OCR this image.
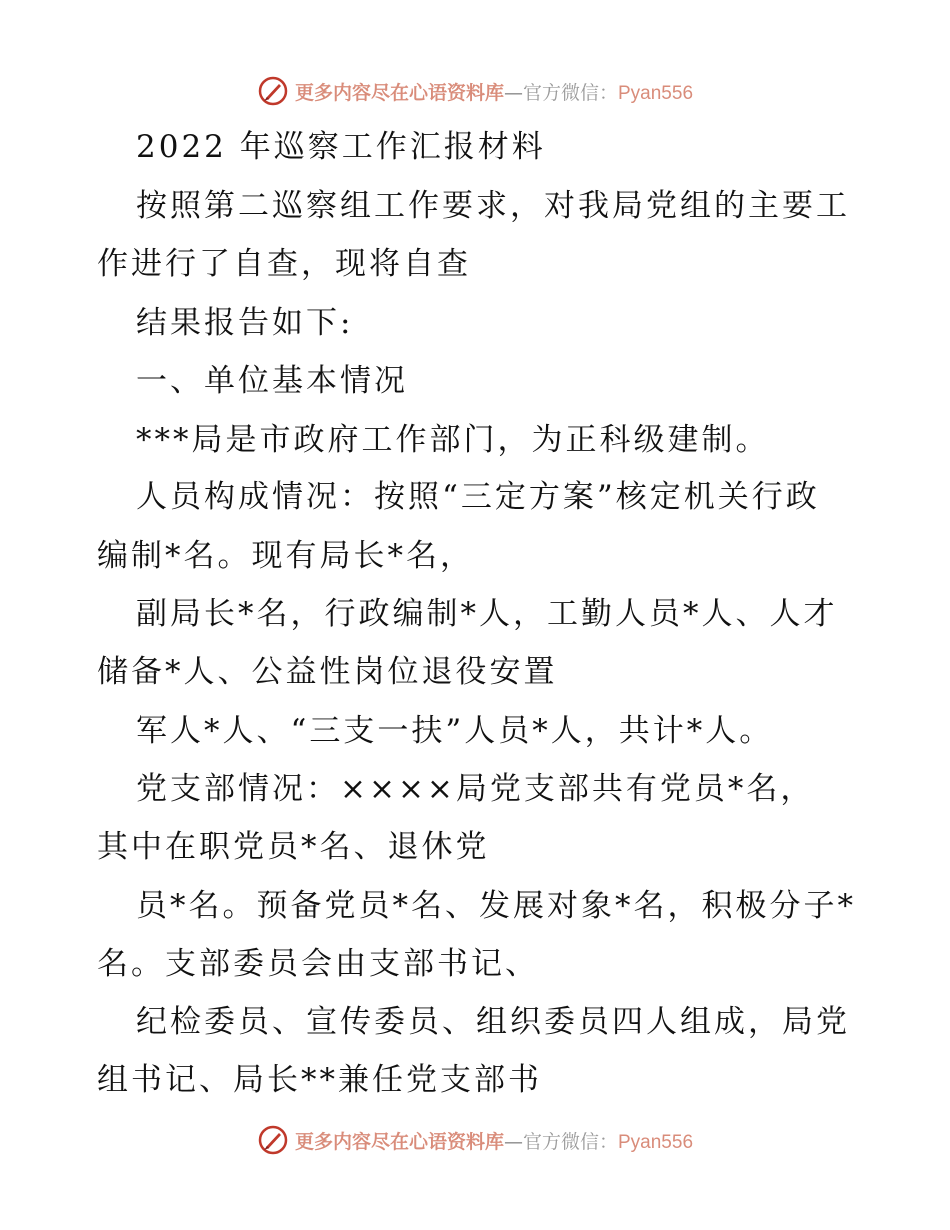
更多内容尽在心语资料库—官方微信：Pyan556
2022 年巡察工作汇报材料
按照第二巡察组工作要求，对我局党组的主要工
作进行了自查，现将自查
结果报告如下:
一、单位基本情况
***局是市政府工作部门，为正科级建制。
人员构成情况：按照“三定方案”核定机关行政
编制*名。现有局长*名，
副局长*名，行政编制*人，工勤人员*人、人才
储备*人、公益性岗位退役安置
军人*人、“三支一扶”人员*人，共计*人。
党支部情况：××××局党支部共有党员*名，
其中在职党员*名、退休党
员*名。预备党员*名、发展对象*名，积极分子*
名。支部委员会由支部书记、
纪检委员、宣传委员、组织委员四人组成，局党
组书记、局长**兼任党支部书
更多内容尽在心语资料库—官方微信：Pyan556
